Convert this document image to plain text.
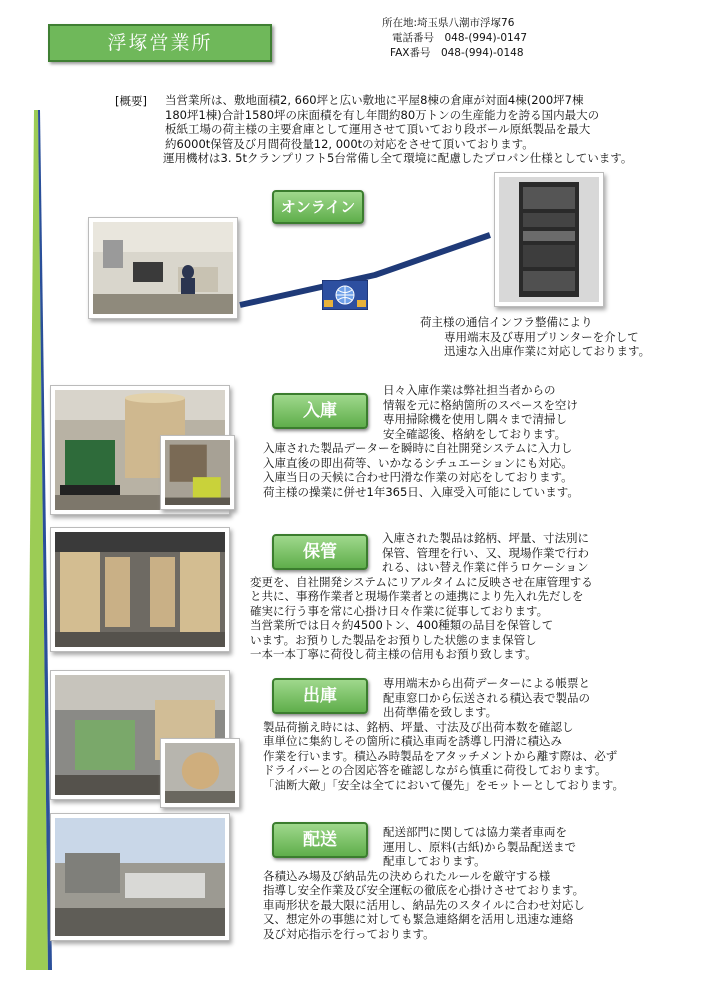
浮塚営業所
所在地:埼玉県八潮市浮塚76
電話番号　048-(994)-0147
FAX番号　048-(994)-0148
[概要] 当営業所は、敷地面積2, 660坪と広い敷地に平屋8棟の倉庫が対面4棟(200坪7棟
180坪1棟)合計1580坪の床面積を有し年間約80万トンの生産能力を誇る国内最大の
板紙工場の荷主様の主要倉庫として運用させて頂いており段ボール原紙製品を最大
約6000t保管及び月間荷役量12, 000tの対応をさせて頂いております。
運用機材は3. 5tクランプリフト5台常備し全て環境に配慮したプロパン仕様としています。
オンライン
荷主様の通信インフラ整備により
専用端末及び専用プリンターを介して
迅速な入出庫作業に対応しております。
入庫
日々入庫作業は弊社担当者からの
情報を元に格納箇所のスペースを空け
専用掃除機を使用し隅々まで清掃し
安全確認後、格納をしております。
入庫された製品データーを瞬時に自社開発システムに入力し
入庫直後の即出荷等、いかなるシチュエーションにも対応。
入庫当日の天候に合わせ円滑な作業の対応をしております。
荷主様の操業に併せ1年365日、入庫受入可能にしています。
保管
入庫された製品は銘柄、坪量、寸法別に
保管、管理を行い、又、現場作業で行わ
れる、はい替え作業に伴うロケーション
変更を、自社開発システムにリアルタイムに反映させ在庫管理する
と共に、事務作業者と現場作業者との連携により先入れ先だしを
確実に行う事を常に心掛け日々作業に従事しております。
当営業所では日々約4500トン、400種類の品目を保管して
います。お預りした製品をお預りした状態のまま保管し
一本一本丁寧に荷役し荷主様の信用もお預り致します。
出庫
専用端末から出荷データーによる帳票と
配車窓口から伝送される積込表で製品の
出荷準備を致します。
製品荷揃え時には、銘柄、坪量、寸法及び出荷本数を確認し
車単位に集約しその箇所に積込車両を誘導し円滑に積込み
作業を行います。積込み時製品をアタッチメントから離す際は、必ず
ドライバーとの合図応答を確認しながら慎重に荷役しております。
「油断大敵」「安全は全てにおいて優先」をモットーとしております。
配送	配送部門に関しては協力業者車両を
運用し、原料(古紙)から製品配送まで
配車しております。
各積込み場及び納品先の決められたルールを厳守する様
指導し安全作業及び安全運転の徹底を心掛けさせております。
車両形状を最大限に活用し、納品先のスタイルに合わせ対応し
又、想定外の事態に対しても緊急連絡網を活用し迅速な連絡
及び対応指示を行っております。
